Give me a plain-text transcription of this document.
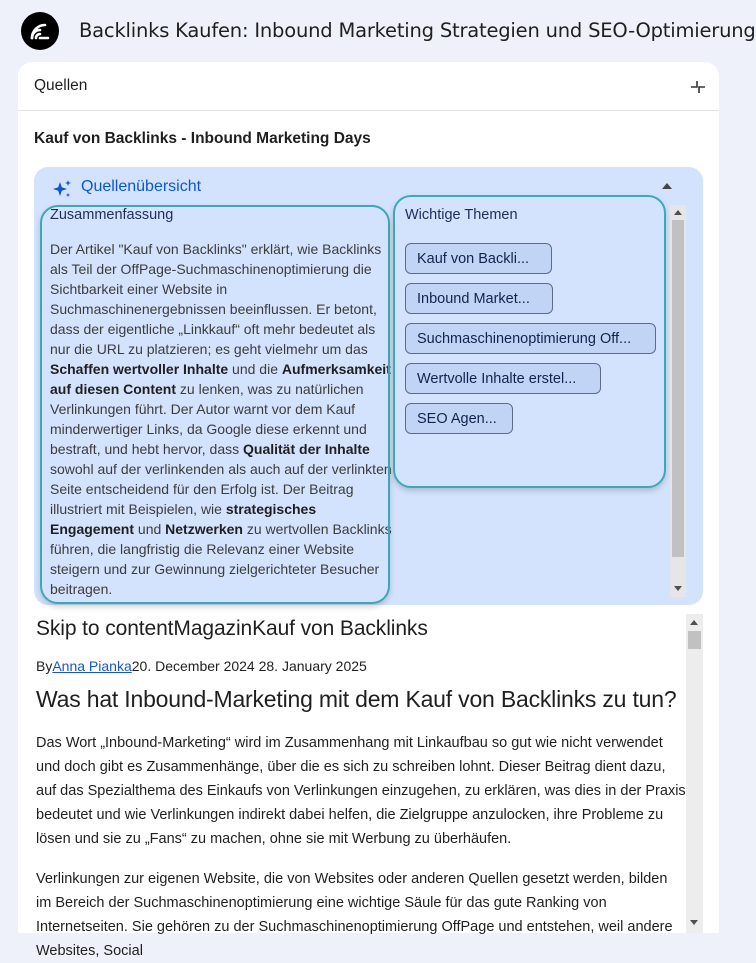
Backlinks Kaufen: Inbound Marketing Strategien und SEO-Optimierung
Quellen
Kauf von Backlinks - Inbound Marketing Days
Quellenübersicht
Zusammenfassung
Der Artikel "Kauf von Backlinks" erklärt, wie Backlinks als Teil der OffPage-Suchmaschinenoptimierung die Sichtbarkeit einer Website in Suchmaschinenergebnissen beeinflussen. Er betont, dass der eigentliche „Linkkauf“ oft mehr bedeutet als nur die URL zu platzieren; es geht vielmehr um das Schaffen wertvoller Inhalte und die Aufmerksamkeit auf diesen Content zu lenken, was zu natürlichen Verlinkungen führt. Der Autor warnt vor dem Kauf minderwertiger Links, da Google diese erkennt und bestraft, und hebt hervor, dass Qualität der Inhalte sowohl auf der verlinkenden als auch auf der verlinkten Seite entscheidend für den Erfolg ist. Der Beitrag illustriert mit Beispielen, wie strategisches Engagement und Netzwerken zu wertvollen Backlinks führen, die langfristig die Relevanz einer Website steigern und zur Gewinnung zielgerichteter Besucher beitragen.
Wichtige Themen
Kauf von Backli...
Inbound Market...
Suchmaschinenoptimierung Off...
Wertvolle Inhalte erstel...
SEO Agen...
Skip to contentMagazinKauf von Backlinks
ByAnna Pianka20. December 2024 28. January 2025
Was hat Inbound-Marketing mit dem Kauf von Backlinks zu tun?
Das Wort „Inbound-Marketing“ wird im Zusammenhang mit Linkaufbau so gut wie nicht verwendet und doch gibt es Zusammenhänge, über die es sich zu schreiben lohnt. Dieser Beitrag dient dazu, auf das Spezialthema des Einkaufs von Verlinkungen einzugehen, zu erklären, was dies in der Praxis bedeutet und wie Verlinkungen indirekt dabei helfen, die Zielgruppe anzulocken, ihre Probleme zu lösen und sie zu „Fans“ zu machen, ohne sie mit Werbung zu überhäufen.
Verlinkungen zur eigenen Website, die von Websites oder anderen Quellen gesetzt werden, bilden im Bereich der Suchmaschinenoptimierung eine wichtige Säule für das gute Ranking von Internetseiten. Sie gehören zu der Suchmaschinenoptimierung OffPage und entstehen, weil andere Websites, Social
